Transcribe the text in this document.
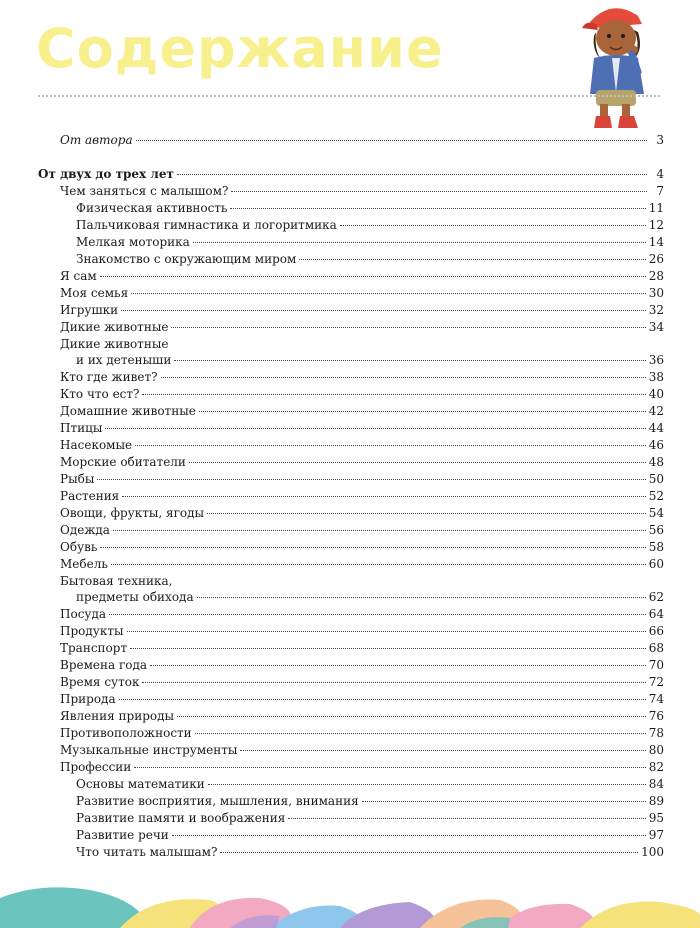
Содержание
От автора	3
От двух до трех лет	4
Чем заняться с малышом?	7
Физическая активность	11
Пальчиковая гимнастика и логоритмика	12
Мелкая моторика	14
Знакомство с окружающим миром	26
Я сам	28
Моя семья	30
Игрушки	32
Дикие животные	34
Дикие животные
и их детеныши	36
Кто где живет?	38
Кто что ест?	40
Домашние животные	42
Птицы	44
Насекомые	46
Морские обитатели	48
Рыбы	50
Растения	52
Овощи, фрукты, ягоды	54
Одежда	56
Обувь	58
Мебель	60
Бытовая техника,
предметы обихода	62
Посуда	64
Продукты	66
Транспорт	68
Времена года	70
Время суток	72
Природа	74
Явления природы	76
Противоположности	78
Музыкальные инструменты	80
Профессии	82
Основы математики	84
Развитие восприятия, мышления, внимания	89
Развитие памяти и воображения	95
Развитие речи	97
Что читать малышам?	100
158
